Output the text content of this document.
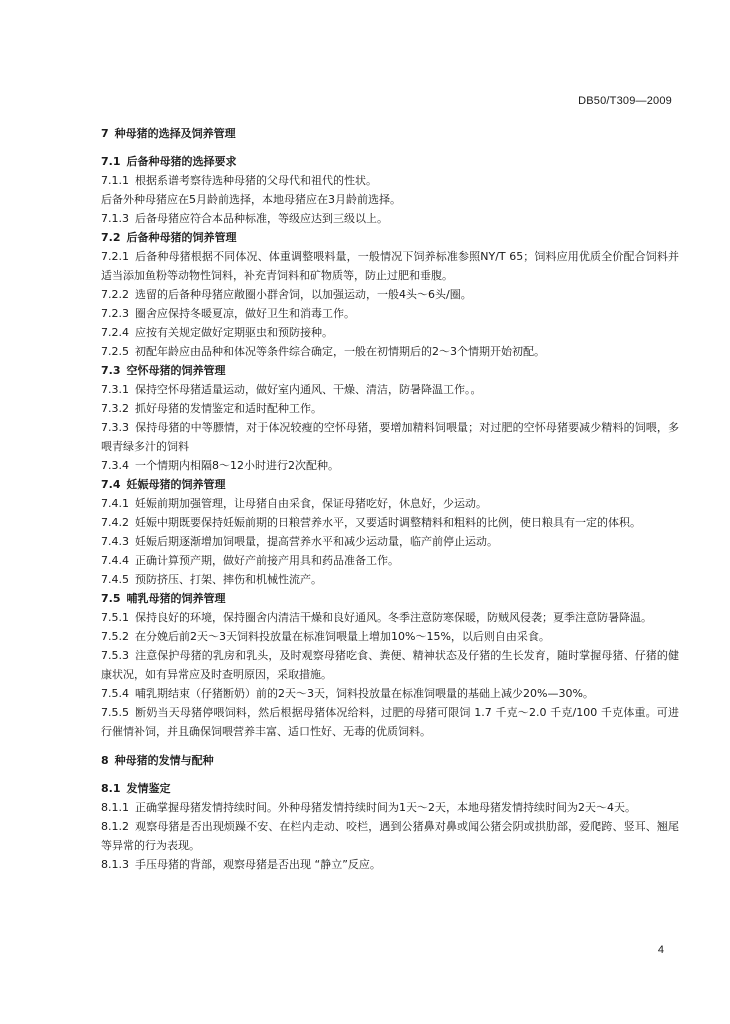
DB50/T309—2009

7 种母猪的选择及饲养管理

7.1 后备种母猪的选择要求

7.1.1 根据系谱考察待选种母猪的父母代和祖代的性状。

后备外种母猪应在5月龄前选择，本地母猪应在3月龄前选择。

7.1.3 后备母猪应符合本品种标准，等级应达到三级以上。

7.2 后备种母猪的饲养管理

7.2.1 后备种母猪根据不同体况、体重调整喂料量，一般情况下饲养标准参照NY/T 65；饲料应用优质全价配合饲料并适当添加鱼粉等动物性饲料，补充青饲料和矿物质等，防止过肥和垂腹。

7.2.2 选留的后备种母猪应敞圈小群舍饲，以加强运动，一般4头～6头/圈。

7.2.3 圈舍应保持冬暖夏凉，做好卫生和消毒工作。

7.2.4 应按有关规定做好定期驱虫和预防接种。

7.2.5 初配年龄应由品种和体况等条件综合确定，一般在初情期后的2～3个情期开始初配。

7.3 空怀母猪的饲养管理

7.3.1 保持空怀母猪适量运动，做好室内通风、干燥、清洁，防暑降温工作。。

7.3.2 抓好母猪的发情鉴定和适时配种工作。

7.3.3 保持母猪的中等膘情，对于体况较瘦的空怀母猪，要增加精料饲喂量；对过肥的空怀母猪要减少精料的饲喂，多喂青绿多汁的饲料

7.3.4 一个情期内相隔8～12小时进行2次配种。

7.4 妊娠母猪的饲养管理

7.4.1 妊娠前期加强管理，让母猪自由采食，保证母猪吃好，休息好，少运动。

7.4.2 妊娠中期既要保持妊娠前期的日粮营养水平，又要适时调整精料和粗料的比例，使日粮具有一定的体积。

7.4.3 妊娠后期逐渐增加饲喂量，提高营养水平和减少运动量，临产前停止运动。

7.4.4 正确计算预产期，做好产前接产用具和药品准备工作。

7.4.5 预防挤压、打架、摔伤和机械性流产。

7.5 哺乳母猪的饲养管理

7.5.1 保持良好的环境，保持圈舍内清洁干燥和良好通风。冬季注意防寒保暖，防贼风侵袭；夏季注意防暑降温。

7.5.2 在分娩后前2天～3天饲料投放量在标准饲喂量上增加10%～15%，以后则自由采食。

7.5.3 注意保护母猪的乳房和乳头，及时观察母猪吃食、粪便、精神状态及仔猪的生长发育，随时掌握母猪、仔猪的健康状况，如有异常应及时查明原因，采取措施。

7.5.4 哺乳期结束（仔猪断奶）前的2天～3天，饲料投放量在标准饲喂量的基础上减少20%—30%。

7.5.5 断奶当天母猪停喂饲料，然后根据母猪体况给料，过肥的母猪可限饲 1.7 千克～2.0 千克/100 千克体重。可进行催情补饲，并且确保饲喂营养丰富、适口性好、无毒的优质饲料。

8 种母猪的发情与配种

8.1 发情鉴定

8.1.1 正确掌握母猪发情持续时间。外种母猪发情持续时间为1天～2天，本地母猪发情持续时间为2天～4天。

8.1.2 观察母猪是否出现烦躁不安、在栏内走动、咬栏，遇到公猪鼻对鼻或闻公猪会阴或拱肋部，爱爬跨、竖耳、翘尾等异常的行为表现。

8.1.3 手压母猪的背部，观察母猪是否出现 “静立”反应。

4
